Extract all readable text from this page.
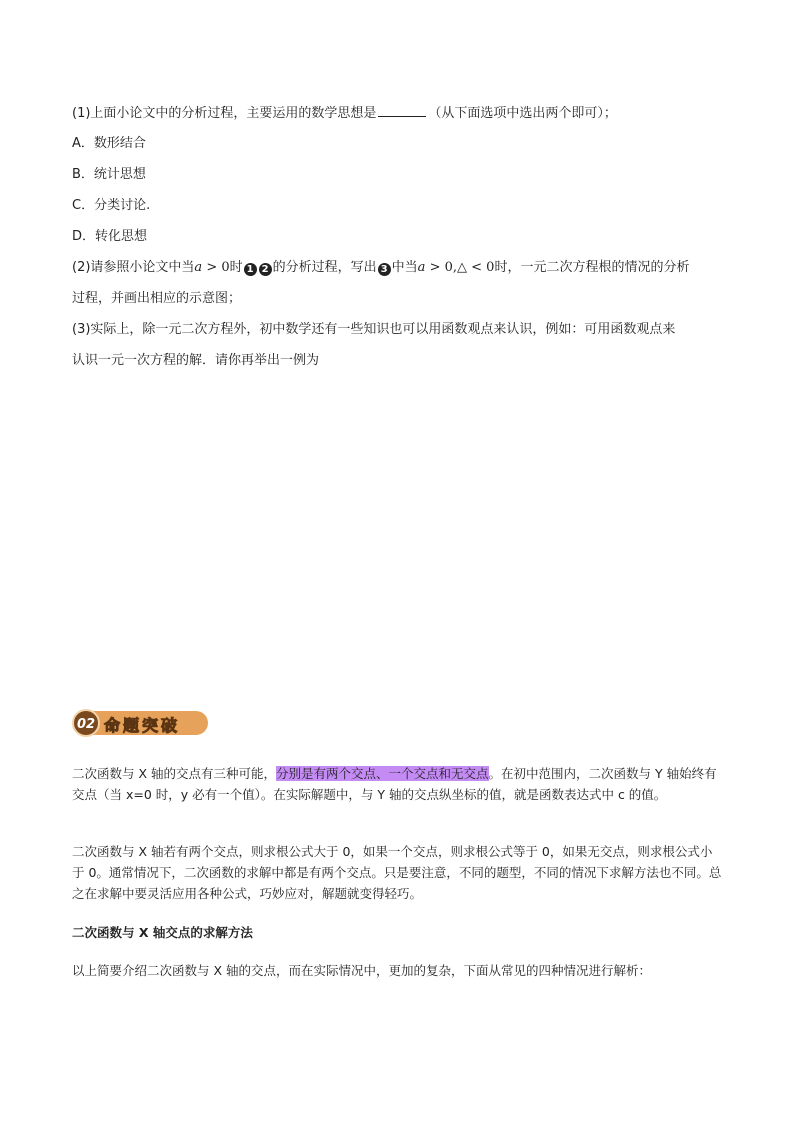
(1)上面小论文中的分析过程，主要运用的数学思想是	（从下面选项中选出两个即可）；
A．数形结合
B．统计思想
C．分类讨论.
D．转化思想
(2)请参照小论文中当a > 0时 1 2 的分析过程，写出 3 中当a > 0,△ < 0时，一元二次方程根的情况的分析
过程，并画出相应的示意图；
(3)实际上，除一元二次方程外，初中数学还有一些知识也可以用函数观点来认识，例如：可用函数观点来
认识一元一次方程的解．请你再举出一例为
02 命题突破
二次函数与 X 轴的交点有三种可能，分别是有两个交点、一个交点和无交点。在初中范围内，二次函数与 Y 轴始终有交点（当 x=0 时，y 必有一个值）。在实际解题中，与 Y 轴的交点纵坐标的值，就是函数表达式中 c 的值。
二次函数与 X 轴若有两个交点，则求根公式大于 0，如果一个交点，则求根公式等于 0，如果无交点，则求根公式小于 0。通常情况下，二次函数的求解中都是有两个交点。只是要注意，不同的题型，不同的情况下求解方法也不同。总之在求解中要灵活应用各种公式，巧妙应对，解题就变得轻巧。
二次函数与 X 轴交点的求解方法
以上简要介绍二次函数与 X 轴的交点，而在实际情况中，更加的复杂，下面从常见的四种情况进行解析：
